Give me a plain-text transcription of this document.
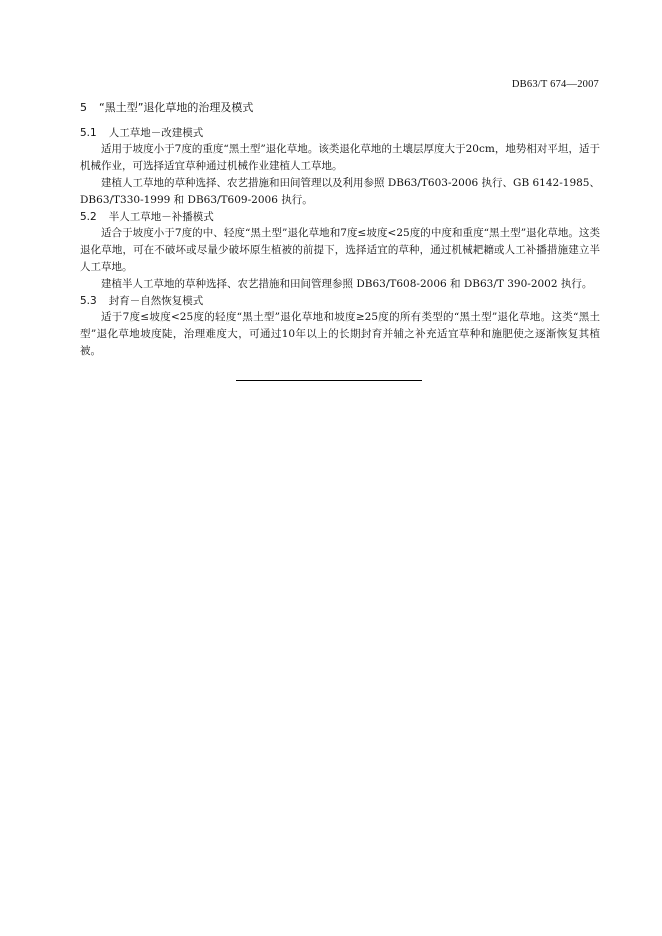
DB63/T 674—2007
5 “黑土型”退化草地的治理及模式
5.1 人工草地－改建模式

适用于坡度小于7度的重度“黑土型”退化草地。该类退化草地的土壤层厚度大于20cm，地势相对平坦，适于机械作业，可选择适宜草种通过机械作业建植人工草地。

建植人工草地的草种选择、农艺措施和田间管理以及利用参照 DB63/T603-2006 执行、GB 6142-1985、 DB63/T330-1999 和 DB63/T609-2006 执行。

5.2 半人工草地－补播模式

适合于坡度小于7度的中、轻度“黑土型”退化草地和7度≤坡度<25度的中度和重度“黑土型”退化草地。这类退化草地，可在不破坏或尽量少破坏原生植被的前提下，选择适宜的草种，通过机械耙耱或人工补播措施建立半人工草地。

建植半人工草地的草种选择、农艺措施和田间管理参照 DB63/T608-2006 和 DB63/T 390-2002 执行。

5.3 封育－自然恢复模式

适于7度≤坡度<25度的轻度“黑土型”退化草地和坡度≥25度的所有类型的“黑土型”退化草地。这类“黑土型”退化草地坡度陡，治理难度大，可通过10年以上的长期封育并辅之补充适宜草种和施肥使之逐渐恢复其植被。
